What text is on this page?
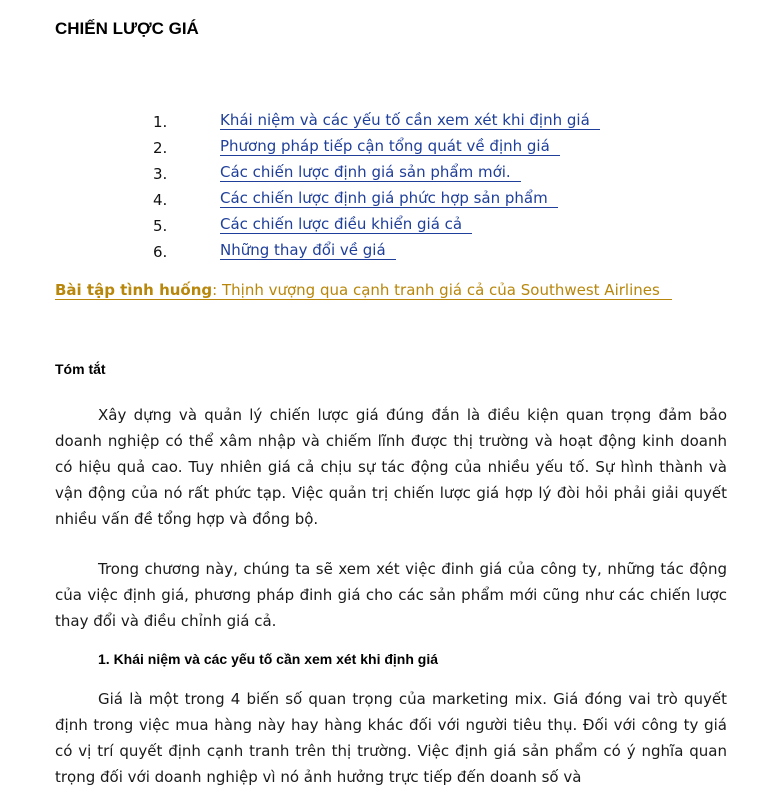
CHIẾN LƯỢC GIÁ
1.	Khái niệm và các yếu tố cần xem xét khi định giá
2.	Phương pháp tiếp cận tổng quát về định giá
3.	Các chiến lược định giá sản phẩm mới.
4.	Các chiến lược định giá phức hợp sản phẩm
5.	Các chiến lược điều khiển giá cả
6.	Những thay đổi về giá
Bài tập tình huống: Thịnh vượng qua cạnh tranh giá cả của Southwest Airlines
Tóm tắt

Xây dựng và quản lý chiến lược giá đúng đắn là điều kiện quan trọng đảm bảo doanh nghiệp có thể xâm nhập và chiếm lĩnh được thị trường và hoạt động kinh doanh có hiệu quả cao. Tuy nhiên giá cả chịu sự tác động của nhiều yếu tố. Sự hình thành và vận động của nó rất phức tạp. Việc quản trị chiến lược giá hợp lý đòi hỏi phải giải quyết nhiều vấn đề tổng hợp và đồng bộ.

Trong chương này, chúng ta sẽ xem xét việc đinh giá của công ty, những tác động của việc định giá, phương pháp đinh giá cho các sản phẩm mới cũng như các chiến lược thay đổi và điều chỉnh giá cả.

1. Khái niệm và các yếu tố cần xem xét khi định giá

Giá là một trong 4 biến số quan trọng của marketing mix. Giá đóng vai trò quyết định trong việc mua hàng này hay hàng khác đối với người tiêu thụ. Đối với công ty giá có vị trí quyết định cạnh tranh trên thị trường. Việc định giá sản phẩm có ý nghĩa quan trọng đối với doanh nghiệp vì nó ảnh hưởng trực tiếp đến doanh số và
